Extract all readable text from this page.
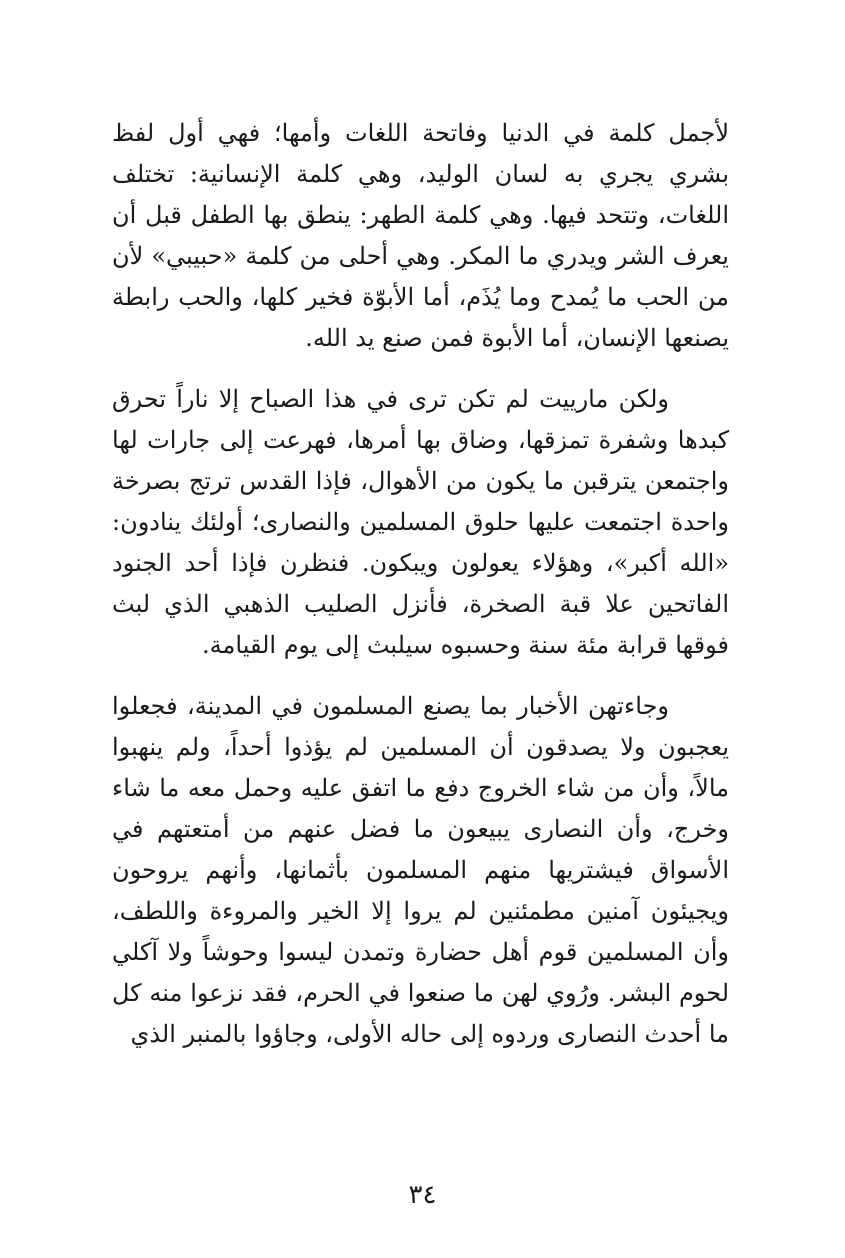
لأجمل كلمة في الدنيا وفاتحة اللغات وأمها؛ فهي أول لفظ بشري يجري به لسان الوليد، وهي كلمة الإنسانية: تختلف اللغات، وتتحد فيها. وهي كلمة الطهر: ينطق بها الطفل قبل أن يعرف الشر ويدري ما المكر. وهي أحلى من كلمة «حبيبي» لأن من الحب ما يُمدح وما يُذَم، أما الأبوّة فخير كلها، والحب رابطة يصنعها الإنسان، أما الأبوة فمن صنع يد الله.

ولكن مارييت لم تكن ترى في هذا الصباح إلا ناراً تحرق كبدها وشفرة تمزقها، وضاق بها أمرها، فهرعت إلى جارات لها واجتمعن يترقبن ما يكون من الأهوال، فإذا القدس ترتج بصرخة واحدة اجتمعت عليها حلوق المسلمين والنصارى؛ أولئك ينادون: «الله أكبر»، وهؤلاء يعولون ويبكون. فنظرن فإذا أحد الجنود الفاتحين علا قبة الصخرة، فأنزل الصليب الذهبي الذي لبث فوقها قرابة مئة سنة وحسبوه سيلبث إلى يوم القيامة.

وجاءتهن الأخبار بما يصنع المسلمون في المدينة، فجعلوا يعجبون ولا يصدقون أن المسلمين لم يؤذوا أحداً، ولم ينهبوا مالاً، وأن من شاء الخروج دفع ما اتفق عليه وحمل معه ما شاء وخرج، وأن النصارى يبيعون ما فضل عنهم من أمتعتهم في الأسواق فيشتريها منهم المسلمون بأثمانها، وأنهم يروحون ويجيئون آمنين مطمئنين لم يروا إلا الخير والمروءة واللطف، وأن المسلمين قوم أهل حضارة وتمدن ليسوا وحوشاً ولا آكلي لحوم البشر. ورُوي لهن ما صنعوا في الحرم، فقد نزعوا منه كل ما أحدث النصارى وردوه إلى حاله الأولى، وجاؤوا بالمنبر الذي

٣٤
